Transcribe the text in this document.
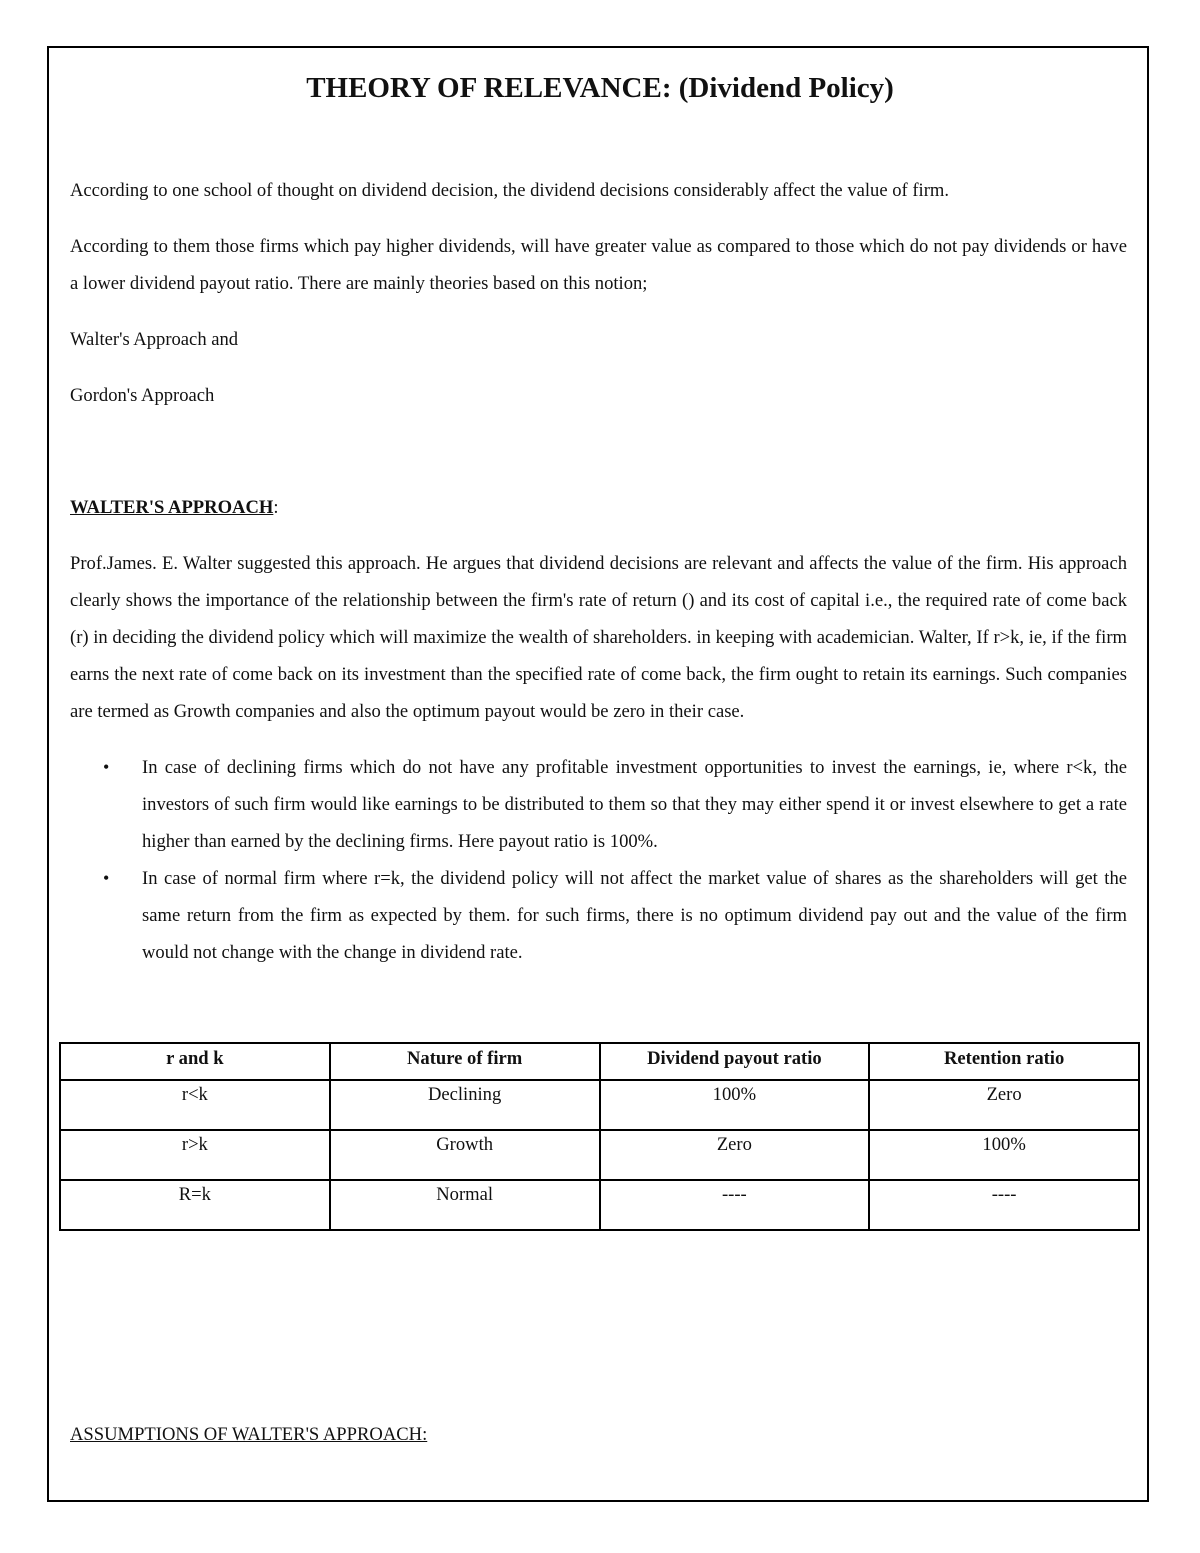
THEORY OF RELEVANCE: (Dividend Policy)

According to one school of thought on dividend decision, the dividend decisions considerably affect the value of firm.

According to them those firms which pay higher dividends, will have greater value as compared to those which do not pay dividends or have a lower dividend payout ratio. There are mainly theories based on this notion;

Walter's Approach and

Gordon's Approach

WALTER'S APPROACH:

Prof.James. E. Walter suggested this approach. He argues that dividend decisions are relevant and affects the value of the firm. His approach clearly shows the importance of the relationship between the firm's rate of return () and its cost of capital i.e., the required rate of come back (r) in deciding the dividend policy which will maximize the wealth of shareholders. in keeping with academician. Walter, If r>k, ie, if the firm earns the next rate of come back on its investment than the specified rate of come back, the firm ought to retain its earnings. Such companies are termed as Growth companies and also the optimum payout would be zero in their case.

• In case of declining firms which do not have any profitable investment opportunities to invest the earnings, ie, where r<k, the investors of such firm would like earnings to be distributed to them so that they may either spend it or invest elsewhere to get a rate higher than earned by the declining firms. Here payout ratio is 100%.
• In case of normal firm where r=k, the dividend policy will not affect the market value of shares as the shareholders will get the same return from the firm as expected by them. for such firms, there is no optimum dividend pay out and the value of the firm would not change with the change in dividend rate.
r and k	Nature of firm	Dividend payout ratio	Retention ratio
r<k	Declining	100%	Zero
r>k	Growth	Zero	100%
R=k	Normal	----	----

ASSUMPTIONS OF WALTER'S APPROACH:
